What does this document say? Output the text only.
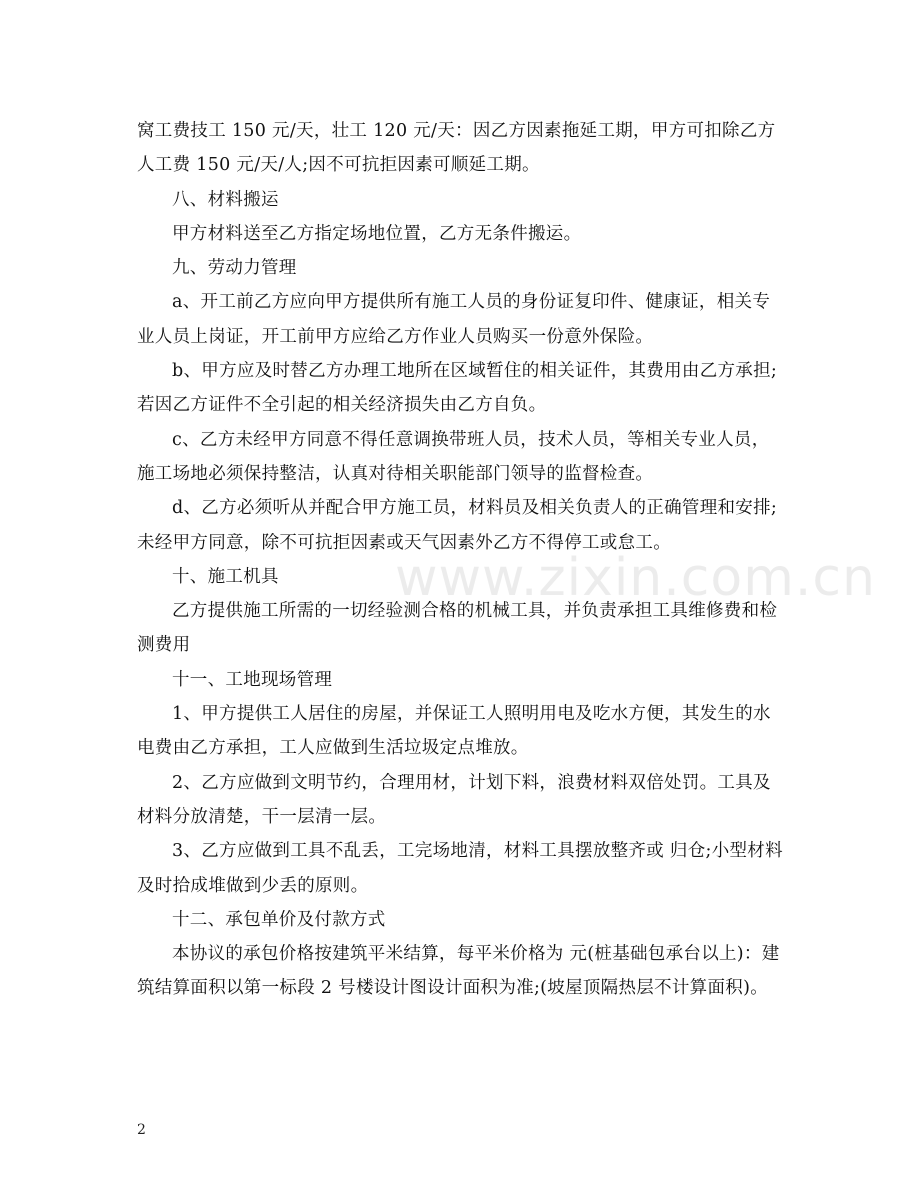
窝工费技工 150 元/天，壮工 120 元/天：因乙方因素拖延工期，甲方可扣除乙方人工费 150 元/天/人;因不可抗拒因素可顺延工期。

八、材料搬运

甲方材料送至乙方指定场地位置，乙方无条件搬运。

九、劳动力管理

a、开工前乙方应向甲方提供所有施工人员的身份证复印件、健康证，相关专业人员上岗证，开工前甲方应给乙方作业人员购买一份意外保险。

b、甲方应及时替乙方办理工地所在区域暂住的相关证件，其费用由乙方承担;若因乙方证件不全引起的相关经济损失由乙方自负。

c、乙方未经甲方同意不得任意调换带班人员，技术人员，等相关专业人员，施工场地必须保持整洁，认真对待相关职能部门领导的监督检查。

d、乙方必须听从并配合甲方施工员，材料员及相关负责人的正确管理和安排;未经甲方同意，除不可抗拒因素或天气因素外乙方不得停工或怠工。

十、施工机具

乙方提供施工所需的一切经验测合格的机械工具，并负责承担工具维修费和检测费用

十一、工地现场管理

1、甲方提供工人居住的房屋，并保证工人照明用电及吃水方便，其发生的水电费由乙方承担，工人应做到生活垃圾定点堆放。

2、乙方应做到文明节约，合理用材，计划下料，浪费材料双倍处罚。工具及材料分放清楚，干一层清一层。

3、乙方应做到工具不乱丢，工完场地清，材料工具摆放整齐或 归仓;小型材料及时拾成堆做到少丢的原则。

十二、承包单价及付款方式

本协议的承包价格按建筑平米结算，每平米价格为 元(桩基础包承台以上)：建筑结算面积以第一标段 2 号楼设计图设计面积为准;(坡屋顶隔热层不计算面积)。

www.zixin.com.cn
2
